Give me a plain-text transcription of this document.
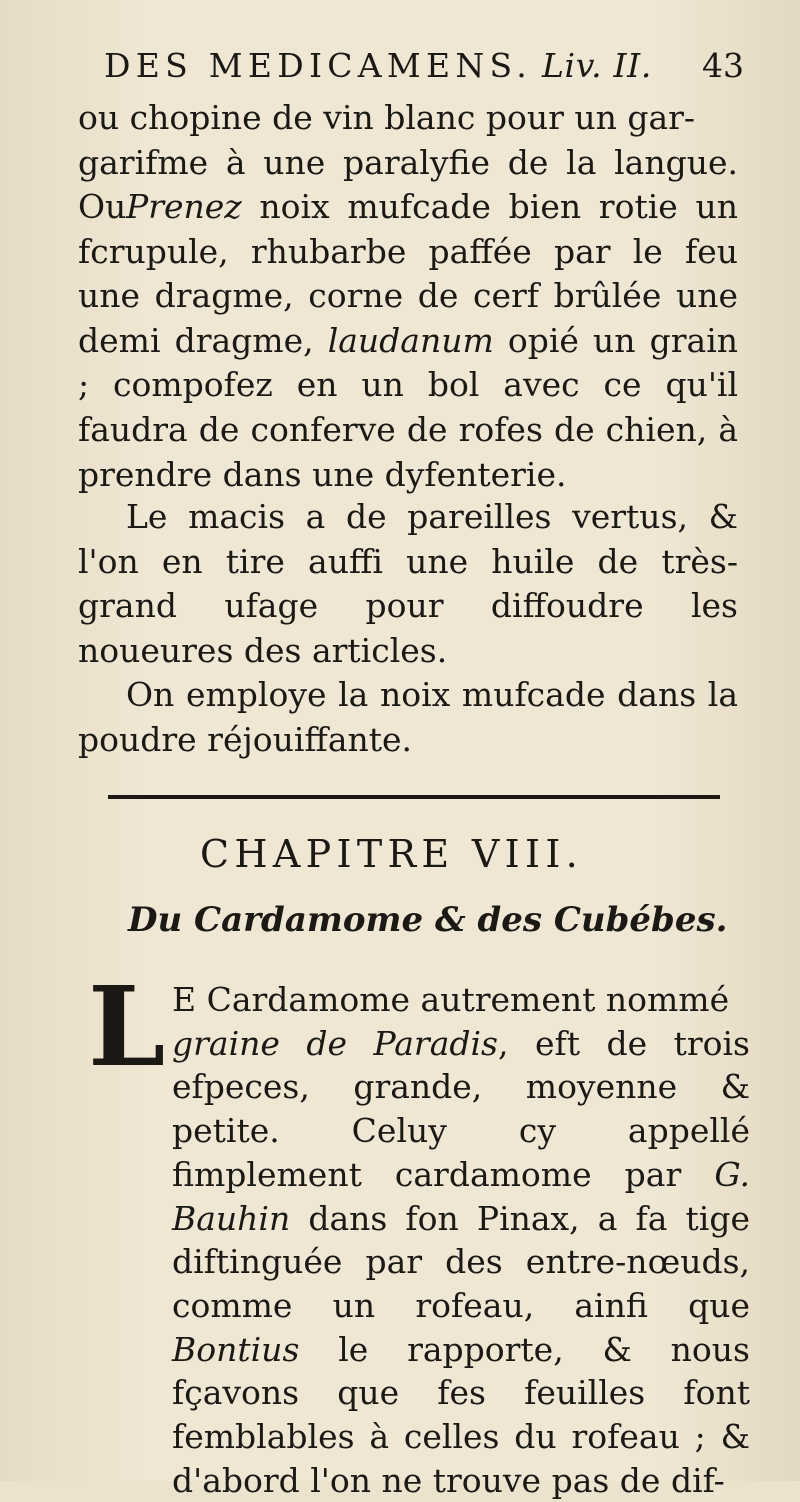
DES MEDICAMENS. Liv. II. 43

ou chopine de vin blanc pour un gar-

garifme à une paralyfie de la langue. Ou Prenez noix mufcade bien rotie un fcrupule, rhubarbe paffée par le feu une dragme, corne de cerf brûlée une demi dragme, laudanum opié un grain ; compofez en un bol avec ce qu'il faudra de conferve de rofes de chien, à prendre dans une dyfenterie.

Le macis a de pareilles vertus, & l'on en tire auffi une huile de très-grand ufage pour diffoudre les noueures des articles.

On employe la noix mufcade dans la poudre réjouiffante.

CHAPITRE VIII.
Du Cardamome & des Cubébes.
L E Cardamome autrement nommé
graine de Paradis, eft de trois efpeces, grande, moyenne & petite. Celuy cy appellé fimplement cardamome par G. Bauhin dans fon Pinax, a fa tige diftinguée par des entre-nœuds, comme un rofeau, ainfi que Bontius le rapporte, & nous fçavons que fes feuilles font femblables à celles du rofeau ; & d'abord l'on ne trouve pas de dif-
